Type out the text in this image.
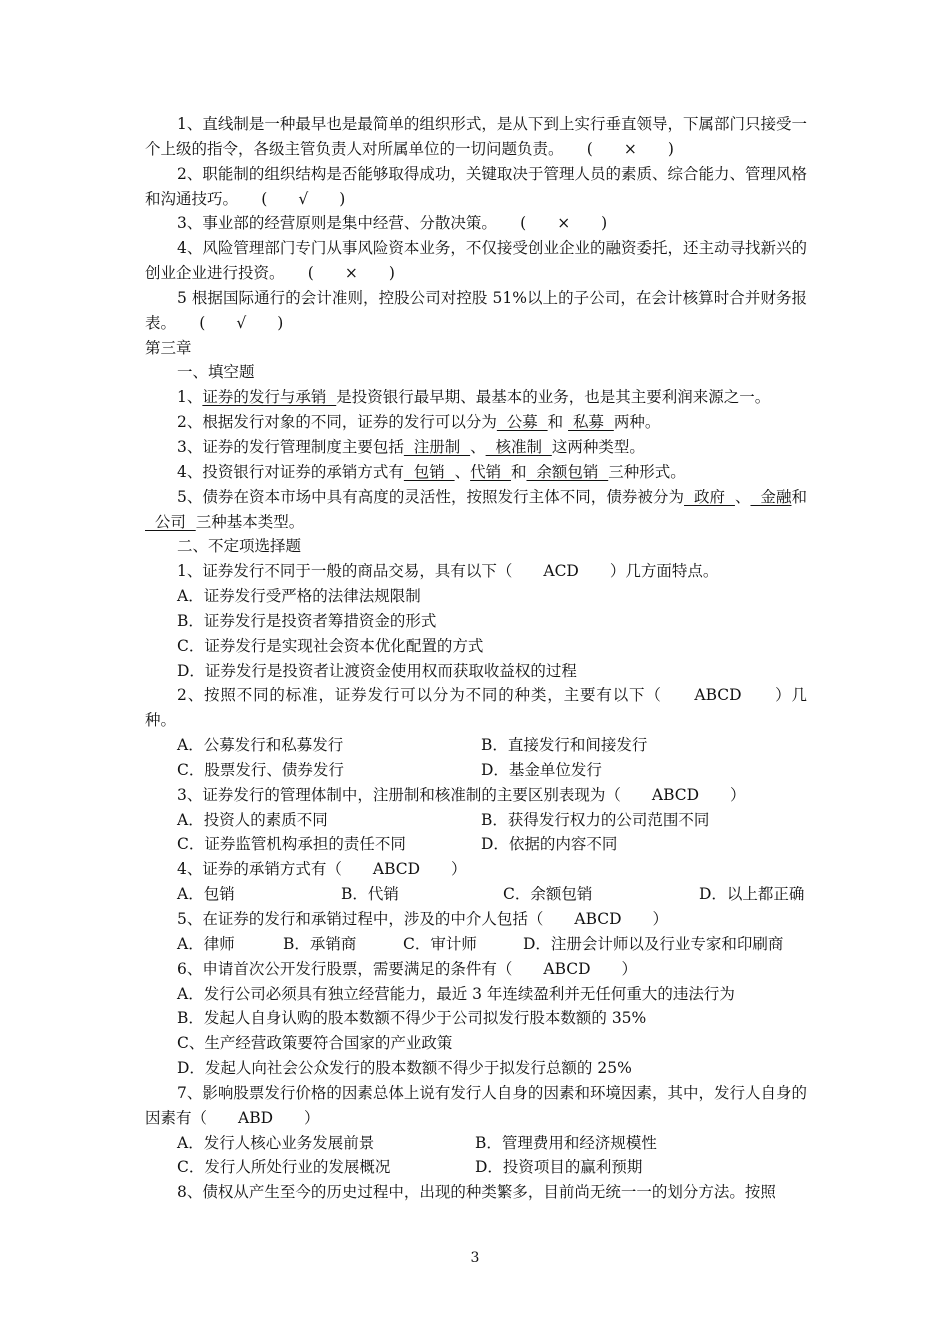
1、直线制是一种最早也是最简单的组织形式，是从下到上实行垂直领导，下属部门只接受一个上级的指令，各级主管负责人对所属单位的一切问题负责。　　 (　　×　　)

2、职能制的组织结构是否能够取得成功，关键取决于管理人员的素质、综合能力、管理风格和沟通技巧。　　 (　　√　　)

3、事业部的经营原则是集中经营、分散决策。　　 (　　×　　)

4、风险管理部门专门从事风险资本业务，不仅接受创业企业的融资委托，还主动寻找新兴的创业企业进行投资。　　 (　　×　　)

5 根据国际通行的会计准则，控股公司对控股 51%以上的子公司，在会计核算时合并财务报表。　　 (　　√　　)

第三章

一、填空题

1、证券的发行与承销  是投资银行最早期、最基本的业务，也是其主要利润来源之一。

2、根据发行对象的不同，证券的发行可以分为  公募  和  私募  两种。

3、证券的发行管理制度主要包括  注册制  、  核准制  这两种类型。

4、投资银行对证券的承销方式有  包销  、代销  和  余额包销  三种形式。

5、债券在资本市场中具有高度的灵活性，按照发行主体不同，债券被分为  政府  、  金融和  公司  三种基本类型。

二、不定项选择题

1、证券发行不同于一般的商品交易，具有以下（　　ACD　　）几方面特点。

A．证券发行受严格的法律法规限制

B．证券发行是投资者筹措资金的形式

C．证券发行是实现社会资本优化配置的方式

D．证券发行是投资者让渡资金使用权而获取收益权的过程

2、按照不同的标准，证券发行可以分为不同的种类，主要有以下（　　ABCD　　）几种。

A．公募发行和私募发行	B．直接发行和间接发行
C．股票发行、债券发行	D．基金单位发行

3、证券发行的管理体制中，注册制和核准制的主要区别表现为（　　ABCD　　）

A．投资人的素质不同	B．获得发行权力的公司范围不同
C．证券监管机构承担的责任不同	D．依据的内容不同

4、证券的承销方式有（　　ABCD　　）

A．包销	B．代销	C．余额包销	D．以上都正确

5、在证券的发行和承销过程中，涉及的中介人包括（　　ABCD　　）

A．律师	B．承销商	C．审计师	D．注册会计师以及行业专家和印刷商

6、申请首次公开发行股票，需要满足的条件有（　　ABCD　　）

A．发行公司必须具有独立经营能力，最近 3 年连续盈利并无任何重大的违法行为

B．发起人自身认购的股本数额不得少于公司拟发行股本数额的 35%

C、生产经营政策要符合国家的产业政策

D．发起人向社会公众发行的股本数额不得少于拟发行总额的 25%

7、影响股票发行价格的因素总体上说有发行人自身的因素和环境因素，其中，发行人自身的因素有（　　ABD　　）

A．发行人核心业务发展前景	B．管理费用和经济规模性
C．发行人所处行业的发展概况	D．投资项目的赢利预期

8、债权从产生至今的历史过程中，出现的种类繁多，目前尚无统一一的划分方法。按照

3
